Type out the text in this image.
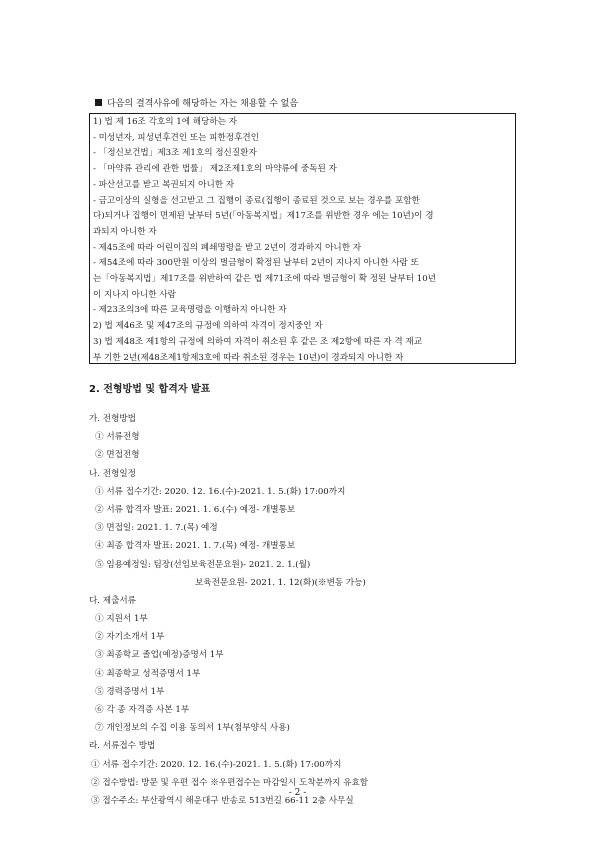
다음의 결격사유에 해당하는 자는 채용할 수 없음
1) 법 제 16조 각호의 1에 해당하는 자
- 미성년자, 피성년후견인 또는 피한정후견인
- 「정신보건법」제3조 제1호의 정신질환자
- 「마약류 관리에 관한 법률」 제2조제1호의 마약류에 중독된 자
- 파산선고를 받고 복권되지 아니한 자
- 금고이상의 실형을 선고받고 그 집행이 종료(집행이 종료된 것으로 보는 경우를 포함한
다)되거나 집행이 면제된 날부터 5년(「아동복지법」제17조를 위반한 경우 에는 10년)이 경
과되지 아니한 자
- 제45조에 따라 어린이집의 폐쇄명령을 받고 2년이 경과하지 아니한 자
- 제54조에 따라 300만원 이상의 벌금형이 확정된 날부터 2년이 지나지 아니한 사람 또
는「아동복지법」제17조를 위반하여 같은 법 제71조에 따라 벌금형이 확 정된 날부터 10년
이 지나지 아니한 사람
- 제23조의3에 따른 교육명령을 이행하지 아니한 자
2) 법 제46조 및 제47조의 규정에 의하여 자격이 정지중인 자
3) 법 제48조 제1항의 규정에 의하여 자격이 취소된 후 같은 조 제2항에 따른 자 격 재교
부 기한 2년(제48조제1항제3호에 따라 취소된 경우는 10년)이 경과되지 아니한 자
2. 전형방법 및 합격자 발표
가. 전형방법
① 서류전형
② 면접전형
나. 전형일정
① 서류 접수기간: 2020. 12. 16.(수)-2021. 1. 5.(화) 17:00까지
② 서류 합격자 발표: 2021. 1. 6.(수) 예정- 개별통보
③ 면접일: 2021. 1. 7.(목) 예정
④ 최종 합격자 발표: 2021. 1. 7.(목) 예정- 개별통보
⑤ 임용예정일: 팀장(선임보육전문요원)- 2021. 2. 1.(월)
보육전문요원- 2021. 1. 12(화)(※변동 가능)
다. 제출서류
① 지원서 1부
② 자기소개서 1부
③ 최종학교 졸업(예정)증명서 1부
④ 최종학교 성적증명서 1부
⑤ 경력증명서 1부
⑥ 각 종 자격증 사본 1부
⑦ 개인정보의 수집 이용 동의서 1부(첨부양식 사용)
라. 서류접수 방법
① 서류 접수기간: 2020. 12. 16.(수)-2021. 1. 5.(화) 17:00까지
② 접수방법: 방문 및 우편 접수 ※우편접수는 마감일시 도착분까지 유효함
③ 접수주소: 부산광역시 해운대구 반송로 513번길 66-11 2층 사무실
- 2 -
